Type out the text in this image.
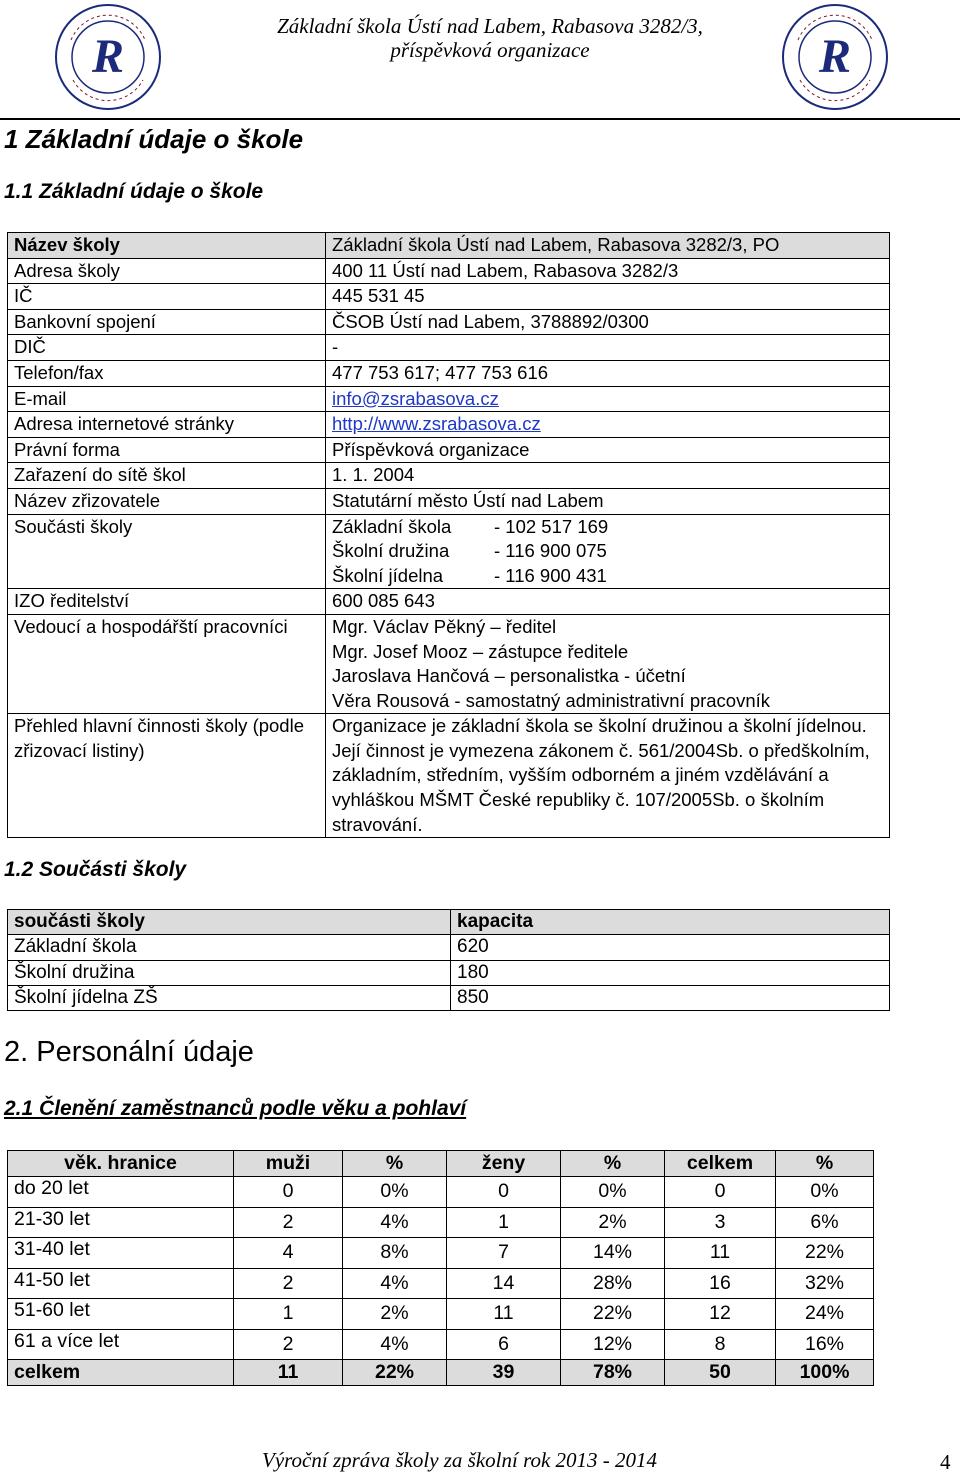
R	R
Základní škola Ústí nad Labem, Rabasova 3282/3,
příspěvková organizace
1 Základní údaje o škole
1.1 Základní údaje o škole
Název školy	Základní škola Ústí nad Labem, Rabasova 3282/3, PO
Adresa školy	400 11 Ústí nad Labem, Rabasova 3282/3
IČ	445 531 45
Bankovní spojení	ČSOB Ústí nad Labem, 3788892/0300
DIČ	-
Telefon/fax	477 753 617; 477 753 616
E-mail	info@zsrabasova.cz
Adresa internetové stránky	http://www.zsrabasova.cz
Právní forma	Příspěvková organizace
Zařazení do sítě škol	1. 1. 2004
Název zřizovatele	Statutární město Ústí nad Labem
Součásti školy	Základní škola - 102 517 169
Školní družina - 116 900 075
Školní jídelna - 116 900 431

IZO ředitelství	600 085 643
Vedoucí a hospodářští pracovníci	Mgr. Václav Pěkný – ředitel
Mgr. Josef Mooz – zástupce ředitele
Jaroslava Hančová – personalistka - účetní
Věra Rousová - samostatný administrativní pracovník

Přehled hlavní činnosti školy (podle zřizovací listiny)	Organizace je základní škola se školní družinou a školní jídelnou. Její činnost je vymezena zákonem č. 561/2004Sb. o předškolním, základním, středním, vyšším odborném a jiném vzdělávání a vyhláškou MŠMT České republiky č. 107/2005Sb. o školním stravování.
1.2 Součásti školy
součásti školy	kapacita
Základní škola	620
Školní družina	180
Školní jídelna ZŠ	850
2. Personální údaje
2.1 Členění zaměstnanců podle věku a pohlaví
věk. hranice	muži	%	ženy	%	celkem	%
do 20 let	0	0%	0	0%	0	0%
21-30 let	2	4%	1	2%	3	6%
31-40 let	4	8%	7	14%	11	22%
41-50 let	2	4%	14	28%	16	32%
51-60 let	1	2%	11	22%	12	24%
61 a více let	2	4%	6	12%	8	16%
celkem	11	22%	39	78%	50	100%
Výroční zpráva školy za školní rok 2013 - 2014	4
